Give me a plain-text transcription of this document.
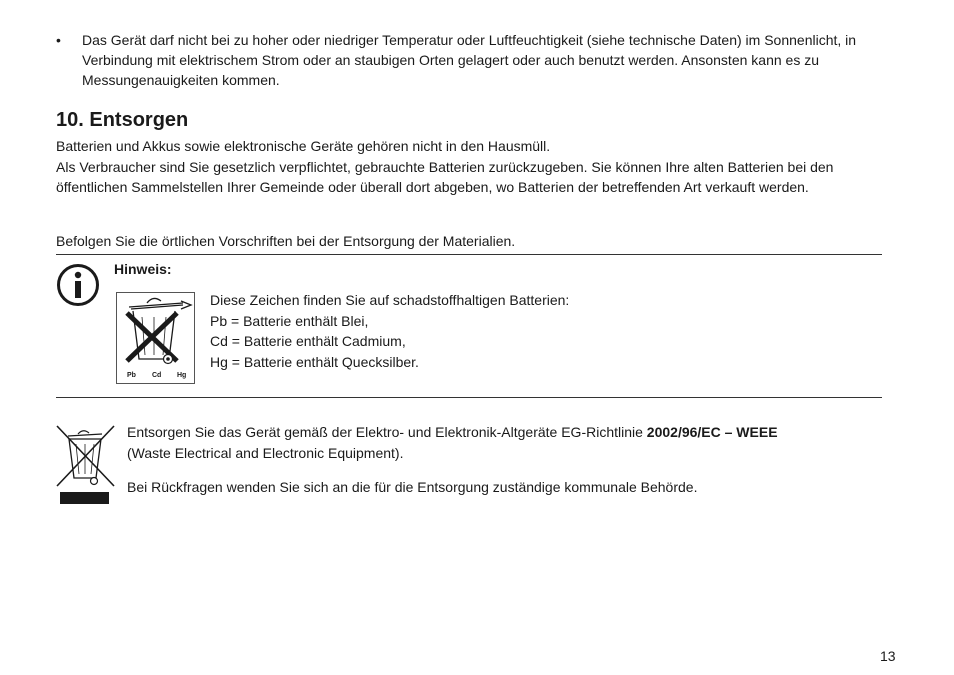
• Das Gerät darf nicht bei zu hoher oder niedriger Temperatur oder Luftfeuchtigkeit (siehe technische Daten) im Sonnenlicht, in Verbindung mit elektrischem Strom oder an staubigen Orten gelagert oder auch benutzt werden. Ansonsten kann es zu Messungenauigkeiten kommen.

10. Entsorgen

Batterien und Akkus sowie elektronische Geräte gehören nicht in den Hausmüll.

Als Verbraucher sind Sie gesetzlich verpflichtet, gebrauchte Batterien zurückzugeben. Sie können Ihre alten Batterien bei den öffentlichen Sammelstellen Ihrer Gemeinde oder überall dort abgeben, wo Batterien der betreffenden Art verkauft werden.

Befolgen Sie die örtlichen Vorschriften bei der Entsorgung der Materialien.

Hinweis:
Pb Cd Hg

Diese Zeichen finden Sie auf schadstoffhaltigen Batterien:

Pb = Batterie enthält Blei,

Cd = Batterie enthält Cadmium,

Hg = Batterie enthält Quecksilber.

Entsorgen Sie das Gerät gemäß der Elektro- und Elektronik-Altgeräte EG-Richtlinie 2002/96/EC – WEEE
(Waste Electrical and Electronic Equipment).

Bei Rückfragen wenden Sie sich an die für die Entsorgung zuständige kommunale Behörde.

13
